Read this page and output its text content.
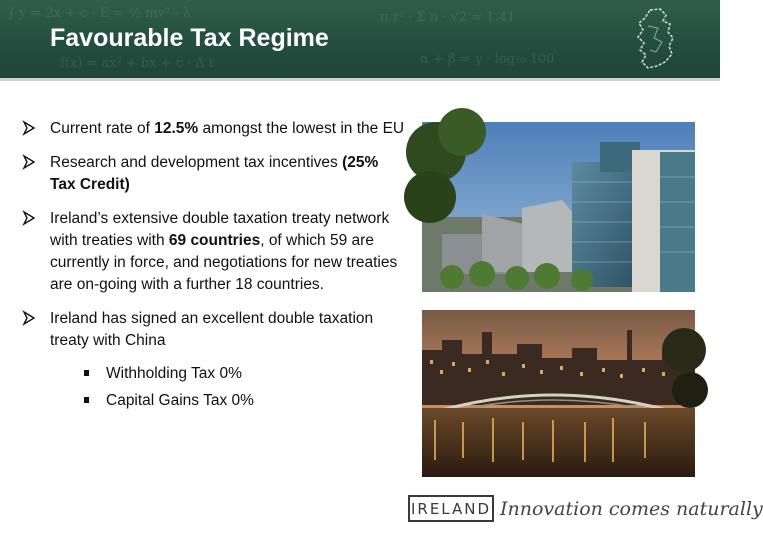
∫ y = 2x + c · E = ½ mv² · λ	π r² · Σ n · √2 ≈ 1.41
f(x) = ax² + bx + c · ∆ t	α + β = γ · log₁₀ 100
Favourable Tax Regime
Current rate of 12.5% amongst the lowest in the EU
Research and development tax incentives (25% Tax Credit)
Ireland’s extensive double taxation treaty network with treaties with 69 countries, of which 59 are currently in force, and negotiations for new treaties are on-going with a further 18 countries.
Ireland has signed an excellent double taxation treaty with China
Withholding Tax 0%
Capital Gains Tax 0%
IRELAND Innovation comes naturally
